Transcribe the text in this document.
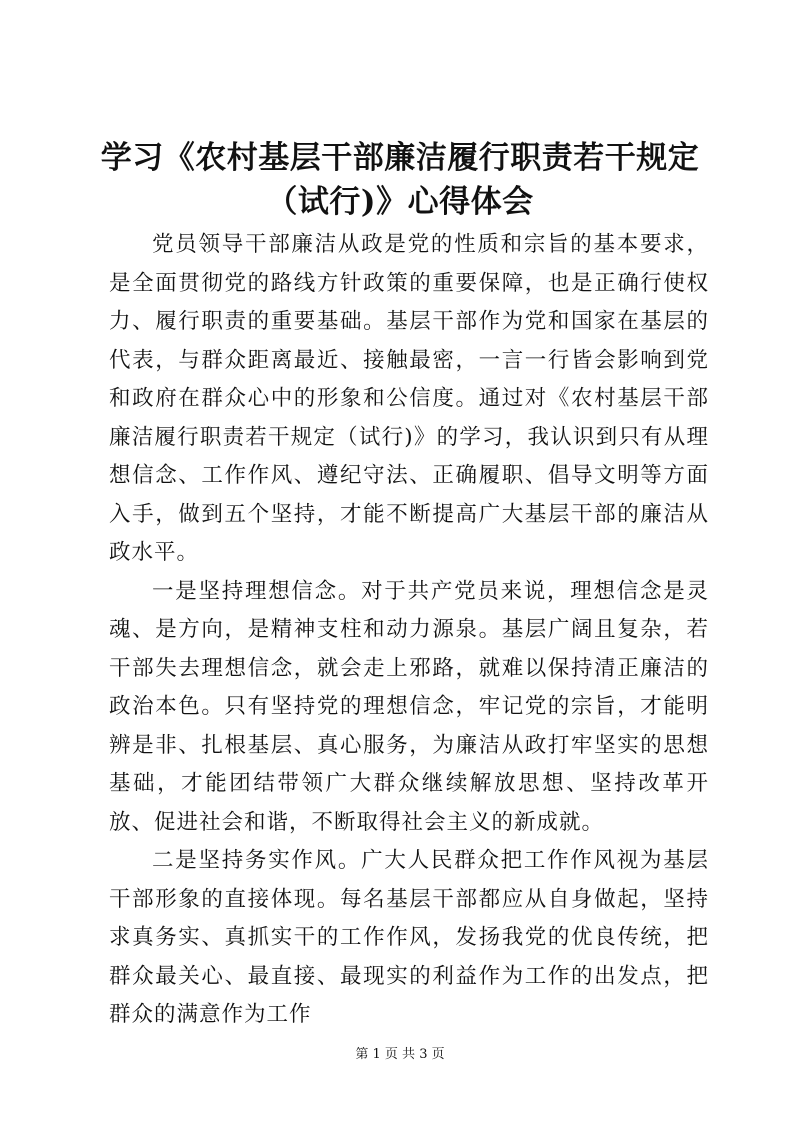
学习《农村基层干部廉洁履行职责若干规定
（试行)》心得体会

党员领导干部廉洁从政是党的性质和宗旨的基本要求，是全面贯彻党的路线方针政策的重要保障，也是正确行使权力、履行职责的重要基础。基层干部作为党和国家在基层的代表，与群众距离最近、接触最密，一言一行皆会影响到党和政府在群众心中的形象和公信度。通过对《农村基层干部廉洁履行职责若干规定（试行)》的学习，我认识到只有从理想信念、工作作风、遵纪守法、正确履职、倡导文明等方面入手，做到五个坚持，才能不断提高广大基层干部的廉洁从政水平。

一是坚持理想信念。对于共产党员来说，理想信念是灵魂、是方向，是精神支柱和动力源泉。基层广阔且复杂，若干部失去理想信念，就会走上邪路，就难以保持清正廉洁的政治本色。只有坚持党的理想信念，牢记党的宗旨，才能明辨是非、扎根基层、真心服务，为廉洁从政打牢坚实的思想基础，才能团结带领广大群众继续解放思想、坚持改革开放、促进社会和谐，不断取得社会主义的新成就。

二是坚持务实作风。广大人民群众把工作作风视为基层干部形象的直接体现。每名基层干部都应从自身做起，坚持求真务实、真抓实干的工作作风，发扬我党的优良传统，把群众最关心、最直接、最现实的利益作为工作的出发点，把群众的满意作为工作

第 1 页 共 3 页
